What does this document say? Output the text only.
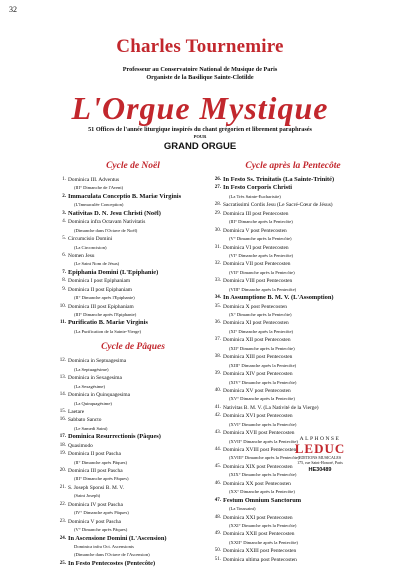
32
Charles Tournemire
Professeur au Conservatoire National de Musique de Paris
Organiste de la Basilique Sainte-Clotilde
L'Orgue Mystique
51 Offices de l'année liturgique inspirés du chant grégorien et librement paraphrasés
POUR
GRAND ORGUE
Cycle de Noël
1. Dominica III. Adventus
(III° Dimanche de l'Avent)
2. Immaculata Conceptio B. Mariæ Virginis
(L'Immaculée Conception)
3. Nativitas D. N. Jesu Christi (Noël)
4. Dominica infra Octavam Nativitatis
(Dimanche dans l'Octave de Noël)
5. Circumcisio Domini
(La Circoncision)
6. Nomen Jesu
(Le Saint Nom de Jésus)
7. Epiphania Domini (L'Epiphanie)
8. Dominica I post Epiphaniam
9. Dominica II post Epiphaniam
(II° Dimanche après l'Epiphanie)
10. Dominica III post Epiphaniam
(III° Dimanche après l'Epiphanie)
11. Purificatio B. Mariæ Virginis
(La Purification de la Sainte-Vierge)
Cycle de Pâques
12. Dominica in Septuagesima
(La Septuagésime)
13. Dominica in Sexagesima
(La Sexagésime)
14. Dominica in Quinquagesima
(La Quinquagésime)
15. Laetare
16. Sabbato Sancto
(Le Samedi Saint)
17. Dominica Resurrectionis (Pâques)
18. Quasimodo
19. Dominica II post Pascha
(II° Dimanche après Pâques)
20. Dominica III post Pascha
(III° Dimanche après Pâques)
21. S. Joseph Sponsi B. M. V.
(Saint Joseph)
22. Dominica IV post Pascha
(IV° Dimanche après Pâques)
23. Dominica V post Pascha
(V° Dimanche après Pâques)
24. In Ascensione Domini (L'Ascension)
Dominica infra Oct. Ascensionis
(Dimanche dans l'Octave de l'Ascension)
25. In Festo Pentecostes (Pentecôte)
Cycle après la Pentecôte
26. In Festo Ss. Trinitatis (La Sainte-Trinité)
27. In Festo Corporis Christi
(La Très Sainte-Eucharistie)
28. Sacratissimi Cordis Jesu (Le Sacré-Cœur de Jésus)
29. Dominica III post Pentecosten
(III° Dimanche après la Pentecôte)
30. Dominica V post Pentecosten
(V° Dimanche après la Pentecôte)
31. Dominica VI post Pentecosten
(VI° Dimanche après la Pentecôte)
32. Dominica VII post Pentecosten
(VII° Dimanche après la Pentecôte)
33. Dominica VIII post Pentecosten
(VIII° Dimanche après la Pentecôte)
34. In Assumptione B. M. V. (L'Assomption)
35. Dominica X post Pentecosten
(X° Dimanche après la Pentecôte)
36. Dominica XI post Pentecosten
(XI° Dimanche après la Pentecôte)
37. Dominica XII post Pentecosten
(XII° Dimanche après la Pentecôte)
38. Dominica XIII post Pentecosten
(XIII° Dimanche après la Pentecôte)
39. Dominica XIV post Pentecosten
(XIV° Dimanche après la Pentecôte)
40. Dominica XV post Pentecosten
(XV° Dimanche après la Pentecôte)
41. Nativitas B. M. V. (La Nativité de la Vierge)
42. Dominica XVI post Pentecosten
(XVI° Dimanche après la Pentecôte)
43. Dominica XVII post Pentecosten
(XVII° Dimanche après la Pentecôte)
44. Dominica XVIII post Pentecosten
(XVIII° Dimanche après la Pentecôte)
45. Dominica XIX post Pentecosten
(XIX° Dimanche après la Pentecôte)
46. Dominica XX post Pentecosten
(XX° Dimanche après la Pentecôte)
47. Festum Omnium Sanctorum
(La Toussaint)
48. Dominica XXI post Pentecosten
(XXI° Dimanche après la Pentecôte)
49. Dominica XXII post Pentecosten
(XXII° Dimanche après la Pentecôte)
50. Dominica XXIII post Pentecosten
51. Dominica ultima post Pentecosten
ALPHONSE
LEDUC
EDITIONS MUSICALES
175, rue Saint-Honoré, Paris
HE30489
